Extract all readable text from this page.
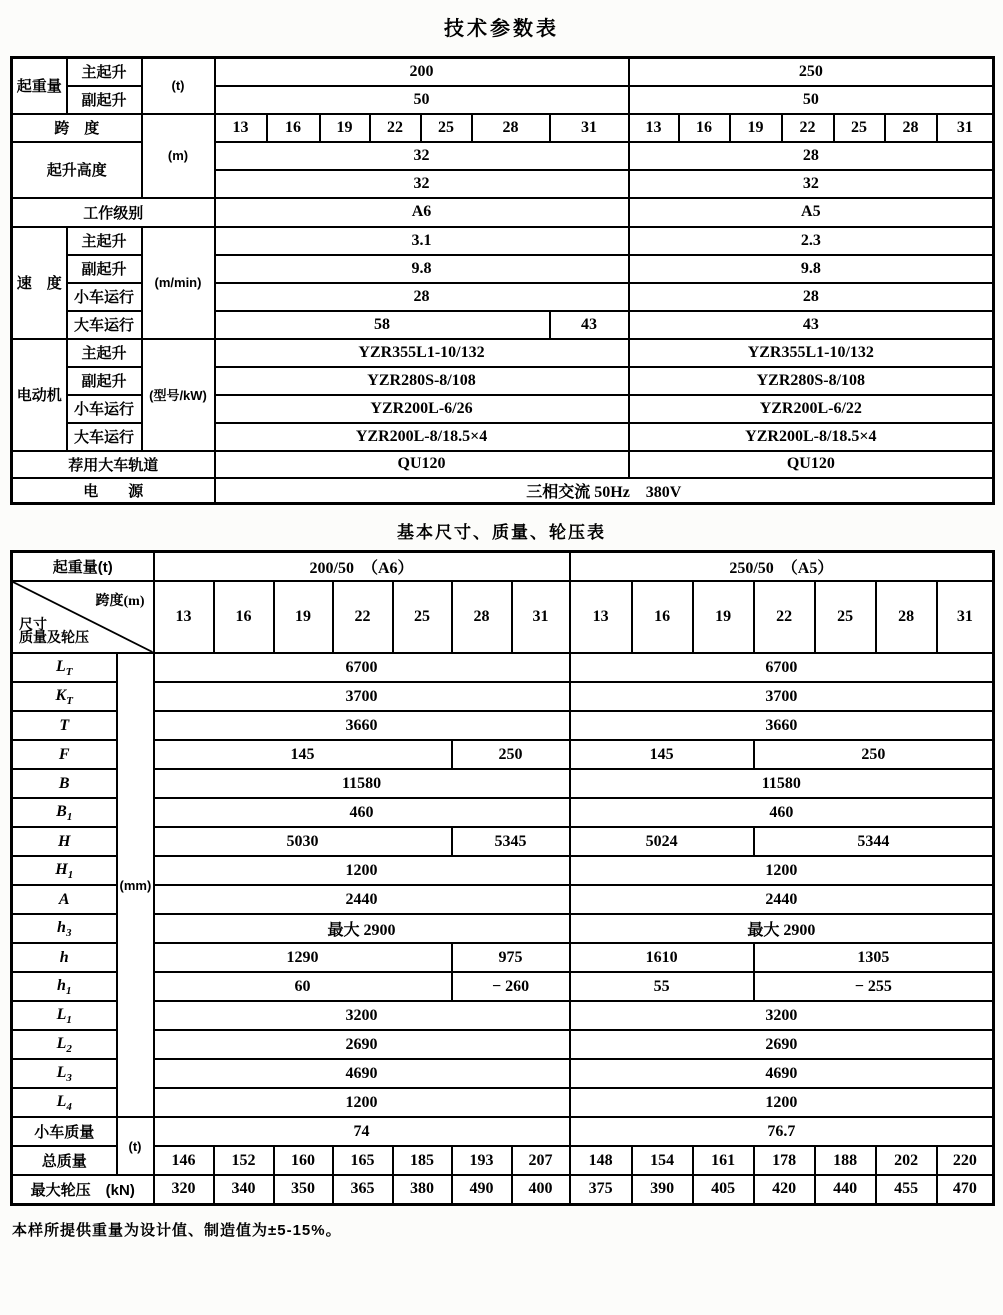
技术参数表
起重量	主起升	(t)	200							250						
	副起升		50							50						
跨　度		(m)	13	16	19	22	25	28	31	13	16	19	22	25	28	31
起升高度			32							28						
			32							32						
工作级别			A6							A5						
速　度	主起升	(m/min)	3.1							2.3						
	副起升		9.8							9.8						
	小车运行		28							28						
	大车运行		58						43	43						
电动机	主起升	(型号/kW)	YZR355L1-10/132							YZR355L1-10/132						
	副起升		YZR280S-8/108							YZR280S-8/108						
	小车运行		YZR200L-6/26							YZR200L-6/22						
	大车运行		YZR200L-8/18.5×4							YZR200L-8/18.5×4						
荐用大车轨道			QU120							QU120						
电　　源			三相交流 50Hz　380V													
基本尺寸、质量、轮压表
起重量(t)		200/50　（A6）							250/50　（A5）						

跨度(m)
尺寸
质量及轮压		13	16	19	22	25	28	31	13	16	19	22	25	28	31
$L_T$	(mm)	6700							6700						
$K_T$		3700							3700						
T		3660							3660						
F		145					250		145			250			
B		11580							11580						
$B_1$		460							460						
H		5030					5345		5024			5344			
$H_1$		1200							1200						
A		2440							2440						
$h_3$		最大 2900							最大 2900						
h		1290					975		1610			1305			
$h_1$		60					− 260		55			− 255			
$L_1$		3200							3200						
$L_2$		2690							2690						
$L_3$		4690							4690						
$L_4$		1200							1200						
小车质量	(t)	74							76.7						
总质量		146	152	160	165	185	193	207	148	154	161	178	188	202	220
最大轮压　(kN)		320	340	350	365	380	490	400	375	390	405	420	440	455	470
本样所提供重量为设计值、制造值为±5-15%。
